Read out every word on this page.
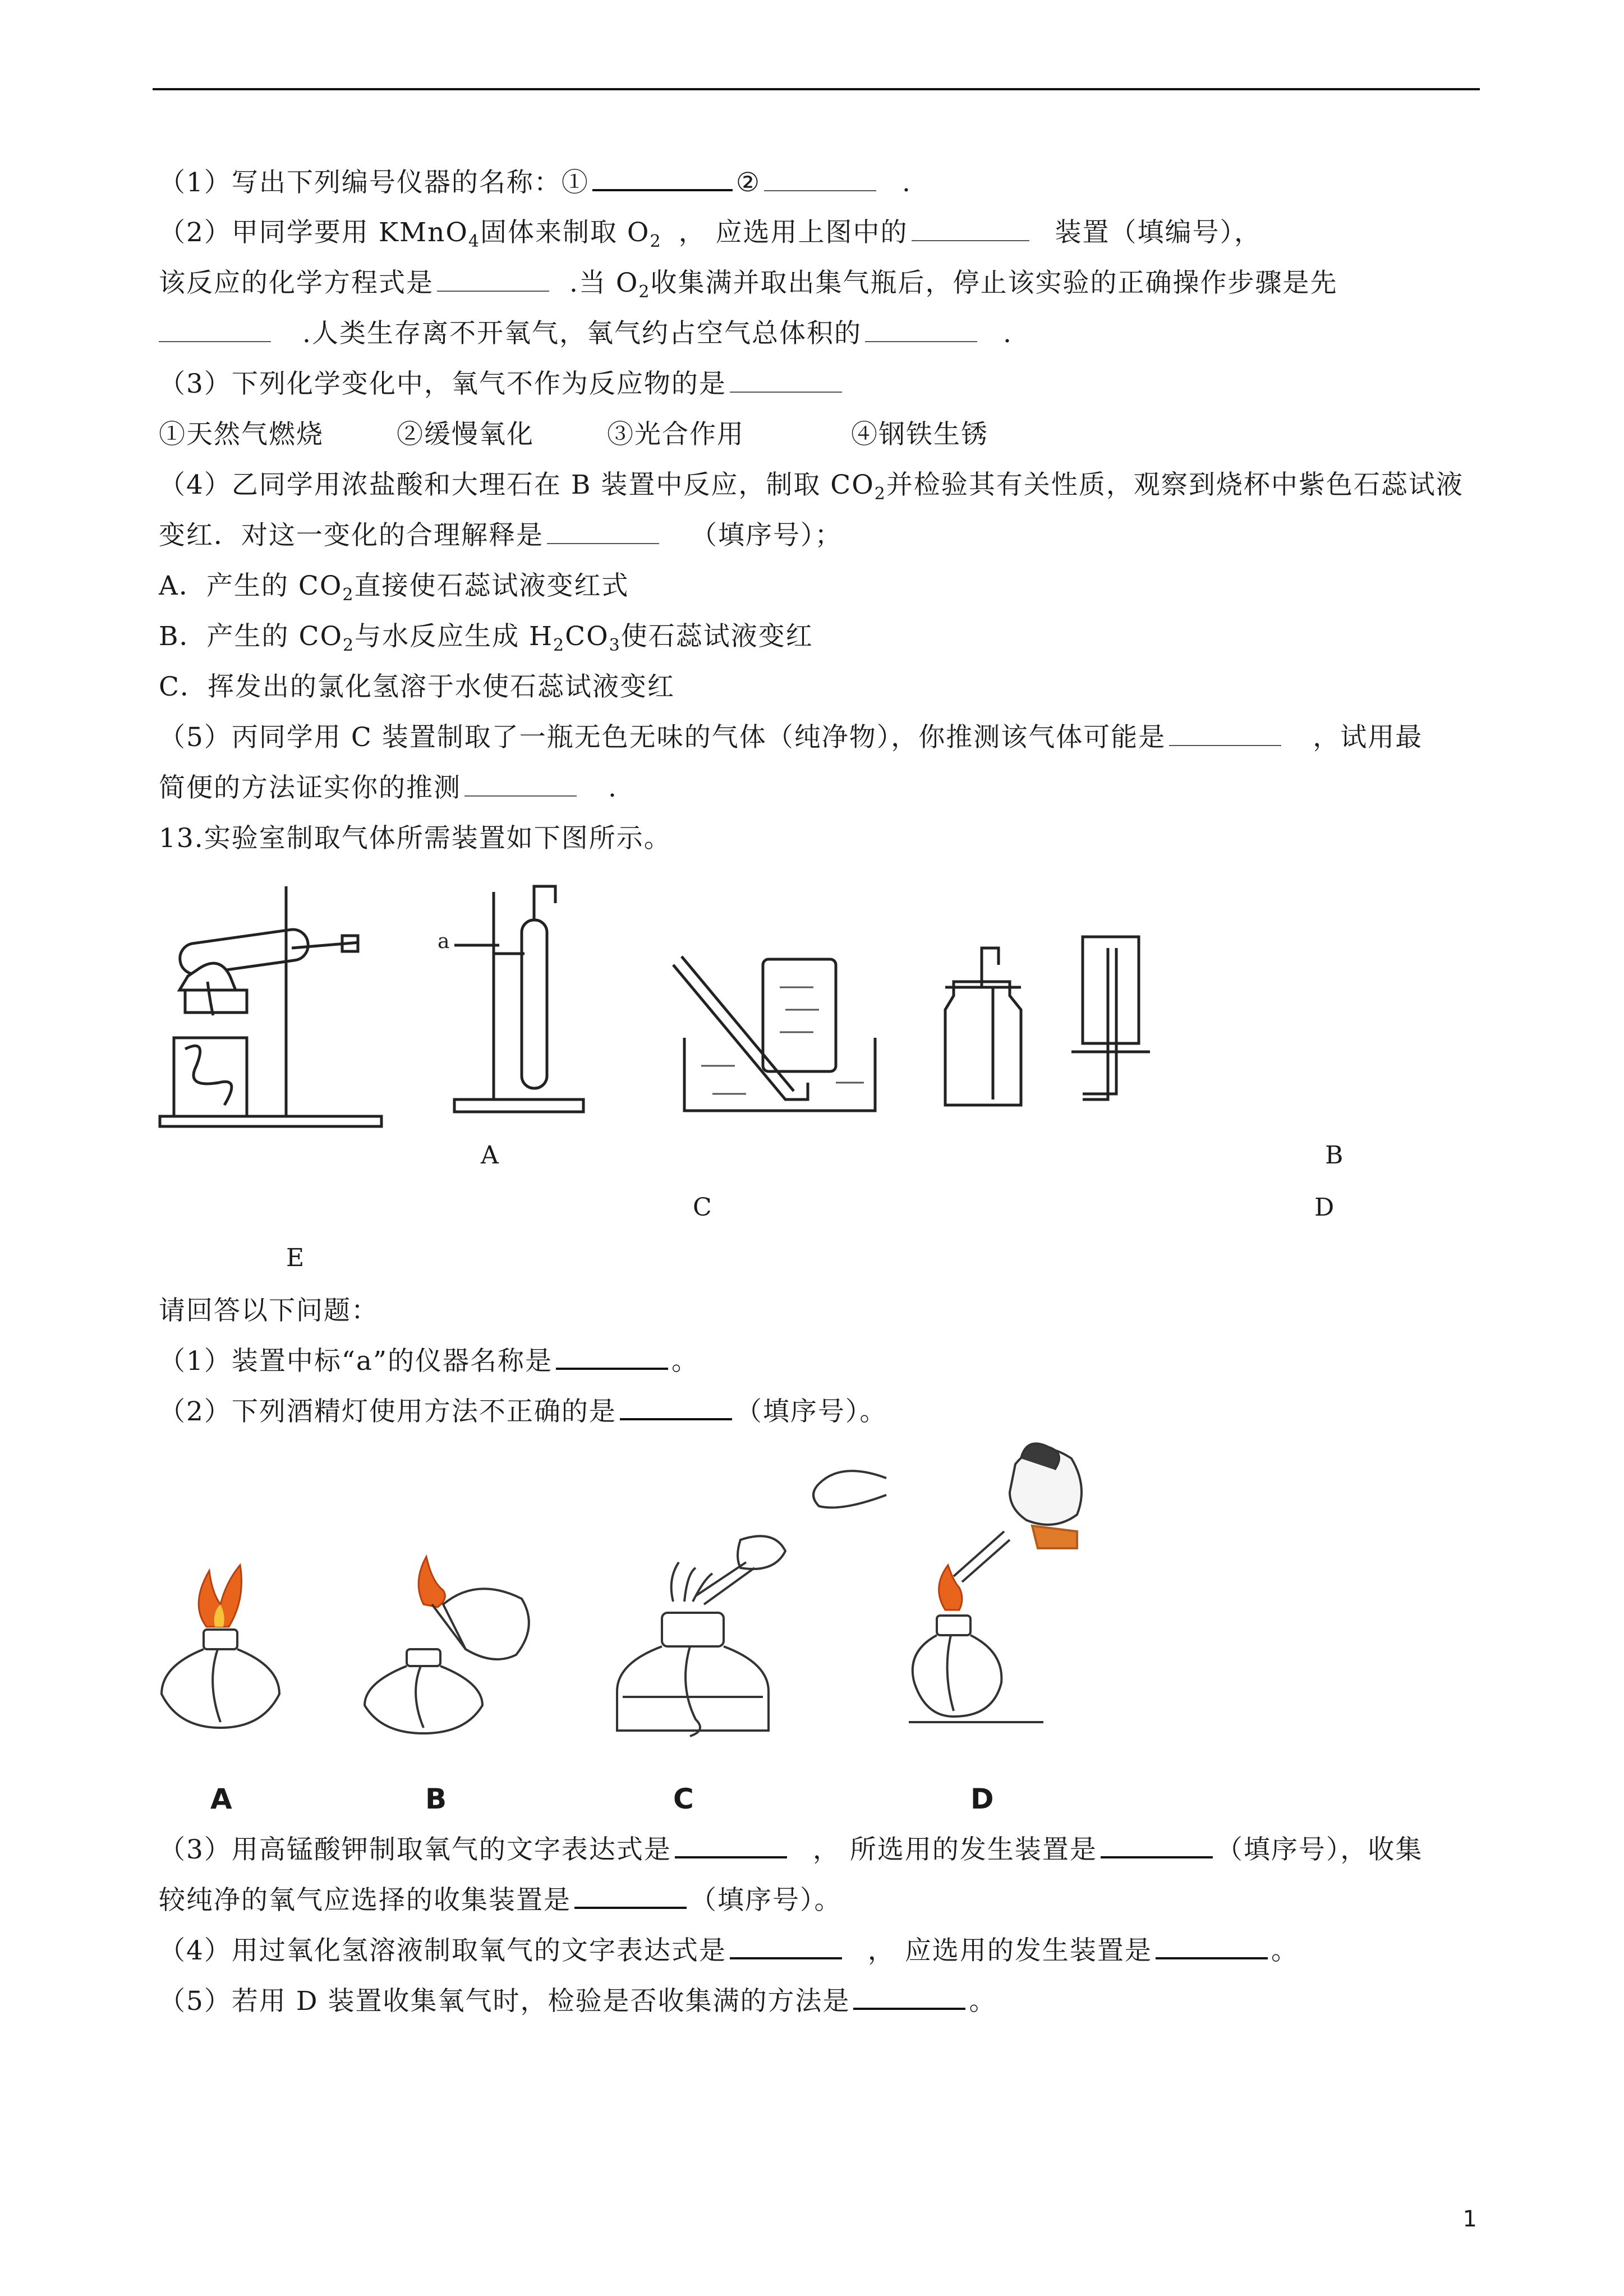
（1）写出下列编号仪器的名称：①	②	.
（2）甲同学要用 KMnO$_4$固体来制取 $O_2$ ， 应选用上图中的	装置（填编号），
该反应的化学方程式是	.当 $O_2$收集满并取出集气瓶后，停止该实验的正确操作步骤是先
.人类生存离不开氧气，氧气约占空气总体积的	.
（3）下列化学变化中，氧气不作为反应物的是
①天然气燃烧	②缓慢氧化	③光合作用	④钢铁生锈
（4）乙同学用浓盐酸和大理石在 B 装置中反应，制取 $CO_2$并检验其有关性质，观察到烧杯中紫色石蕊试液
变红．对这一变化的合理解释是	（填序号）；
A．产生的 $CO_2$直接使石蕊试液变红式
B．产生的 $CO_2$与水反应生成 $H_2CO_3$使石蕊试液变红
C．挥发出的氯化氢溶于水使石蕊试液变红
（5）丙同学用 C 装置制取了一瓶无色无味的气体（纯净物），你推测该气体可能是	，试用最
简便的方法证实你的推测	.
13.实验室制取气体所需装置如下图所示。
a
A	B
C	D
E
请回答以下问题：
（1）装置中标“a”的仪器名称是	。
（2）下列酒精灯使用方法不正确的是	（填序号）。
A	B	C	D
（3）用高锰酸钾制取氧气的文字表达式是	， 所选用的发生装置是	（填序号），收集
较纯净的氧气应选择的收集装置是	（填序号）。
（4）用过氧化氢溶液制取氧气的文字表达式是	， 应选用的发生装置是	。
（5）若用 D 装置收集氧气时，检验是否收集满的方法是	。
1
